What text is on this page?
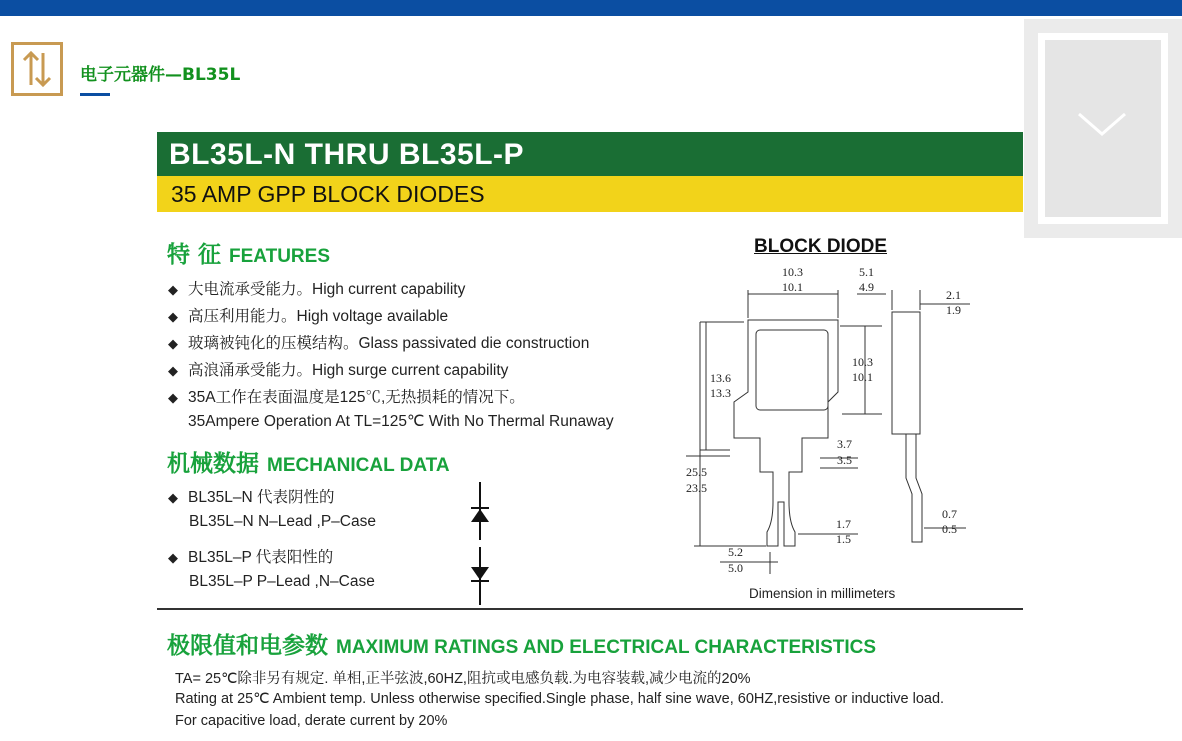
电子元器件—BL35L
BL35L-N THRU BL35L-P
35 AMP GPP BLOCK DIODES
特 征 FEATURES
◆ 大电流承受能力。High current capability
◆ 高压利用能力。High voltage available
◆ 玻璃被钝化的压模结构。Glass passivated die construction
◆ 高浪涌承受能力。High surge current capability
◆ 35A工作在表面温度是125℃,无热损耗的情况下。
35Ampere Operation At TL=125℃ With No Thermal Runaway
机械数据 MECHANICAL DATA
◆ BL35L–N 代表阴性的
BL35L–N N–Lead ,P–Case
◆ BL35L–P 代表阳性的
BL35L–P P–Lead ,N–Case
BLOCK DIODE
10.3
10.1
5.1
4.9
2.1
1.9
13.6
13.3
10.3
10.1
3.7
3.5
25.5
23.5
1.7
1.5
5.2
5.0
0.7
0.5
Dimension in millimeters
极限值和电参数 MAXIMUM RATINGS AND ELECTRICAL CHARACTERISTICS
TA= 25℃除非另有规定. 单相,正半弦波,60HZ,阻抗或电感负载.为电容装载,减少电流的20%
Rating at 25℃ Ambient temp. Unless otherwise specified.Single phase, half sine wave, 60HZ,resistive or inductive load.
For capacitive load, derate current by 20%
